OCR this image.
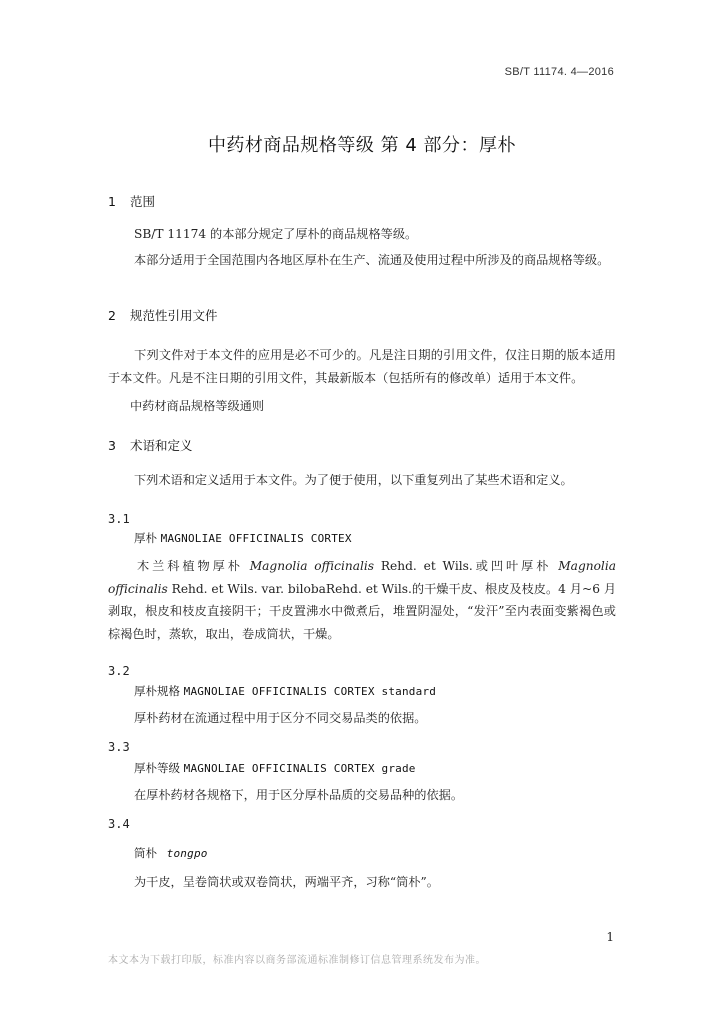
SB/T 11174. 4—2016
中药材商品规格等级 第 4 部分：厚朴
1 范围

SB/T 11174 的本部分规定了厚朴的商品规格等级。

本部分适用于全国范围内各地区厚朴在生产、流通及使用过程中所涉及的商品规格等级。

2 规范性引用文件

下列文件对于本文件的应用是必不可少的。凡是注日期的引用文件，仅注日期的版本适用于本文件。凡是不注日期的引用文件，其最新版本（包括所有的修改单）适用于本文件。

中药材商品规格等级通则

3 术语和定义

下列术语和定义适用于本文件。为了便于使用，以下重复列出了某些术语和定义。

3.1
厚朴 MAGNOLIAE OFFICINALIS CORTEX

木兰科植物厚朴 Magnolia officinalis Rehd. et Wils.或凹叶厚朴 Magnolia officinalis Rehd. et Wils. var. bilobaRehd. et Wils.的干燥干皮、根皮及枝皮。4 月~6 月剥取，根皮和枝皮直接阴干；干皮置沸水中微煮后，堆置阴湿处，“发汗”至内表面变紫褐色或棕褐色时，蒸软，取出，卷成筒状，干燥。

3.2
厚朴规格 MAGNOLIAE OFFICINALIS CORTEX standard
厚朴药材在流通过程中用于区分不同交易品类的依据。
3.3
厚朴等级 MAGNOLIAE OFFICINALIS CORTEX grade
在厚朴药材各规格下，用于区分厚朴品质的交易品种的依据。
3.4
筒朴 tongpo
为干皮，呈卷筒状或双卷筒状，两端平齐，习称“筒朴”。
1
本文本为下载打印版，标准内容以商务部流通标准制修订信息管理系统发布为准。
